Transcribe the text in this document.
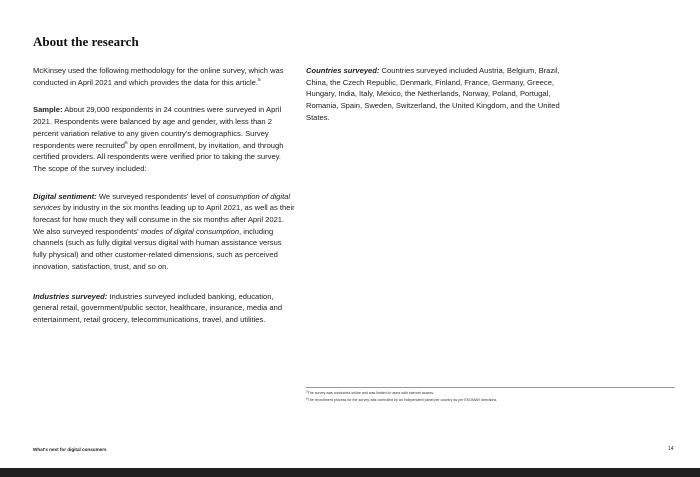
About the research

McKinsey used the following methodology for the online survey, which was conducted in April 2021 and which provides the data for this article.$^5$

Sample: About 29,000 respondents in 24 countries were surveyed in April 2021. Respondents were balanced by age and gender, with less than 2 percent variation relative to any given country's demographics. Survey respondents were recruited$^6$ by open enrollment, by invitation, and through certified providers. All respondents were verified prior to taking the survey. The scope of the survey included:

Digital sentiment: We surveyed respondents' level of consumption of digital services by industry in the six months leading up to April 2021, as well as their forecast for how much they will consume in the six months after April 2021. We also surveyed respondents' modes of digital consumption, including channels (such as fully digital versus digital with human assistance versus fully physical) and other customer-related dimensions, such as perceived innovation, satisfaction, trust, and so on.

Industries surveyed: Industries surveyed included banking, education, general retail, government/public sector, healthcare, insurance, media and entertainment, retail grocery, telecommunications, travel, and utilities.

Countries surveyed: Countries surveyed included Austria, Belgium, Brazil, China, the Czech Republic, Denmark, Finland, France, Germany, Greece, Hungary, India, Italy, Mexico, the Netherlands, Norway, Poland, Portugal, Romania, Spain, Sweden, Switzerland, the United Kingdom, and the United States.

$^5$The survey was conducted online and was limited to users with internet access.
$^6$The recruitment process for the survey was controlled by an independent panel per country as per ESOMAR directions.
What's next for digital consumers	14
